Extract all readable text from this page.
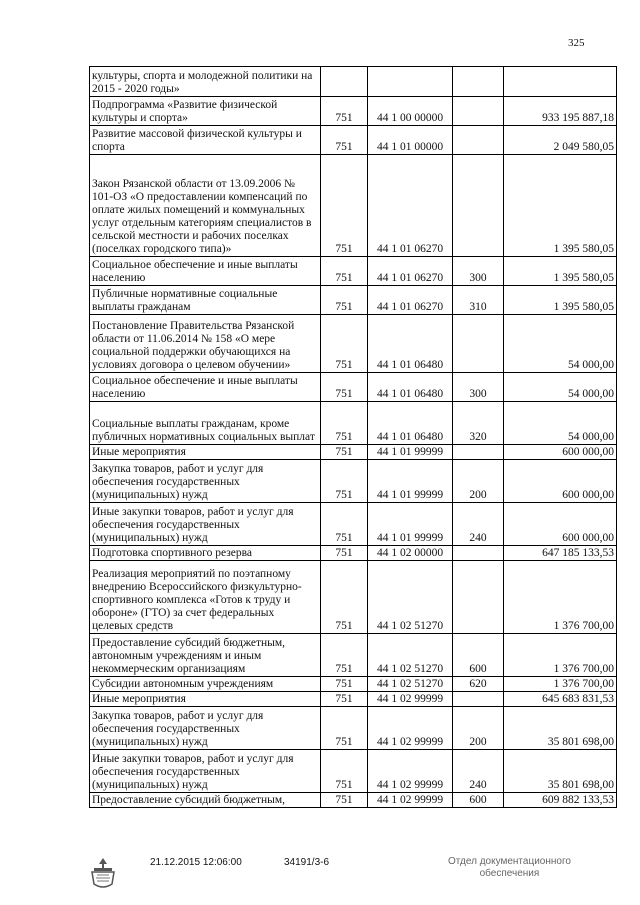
325
культуры, спорта и молодежной политики на 2015 - 2020 годы»				
Подпрограмма «Развитие физической культуры и спорта»	751	44 1 00 00000		933 195 887,18
Развитие массовой физической культуры и спорта	751	44 1 01 00000		2 049 580,05
Закон Рязанской области от 13.09.2006 № 101-ОЗ «О предоставлении компенсаций по оплате жилых помещений и коммунальных услуг отдельным категориям специалистов в сельской местности и рабочих поселках (поселках городского типа)»	751	44 1 01 06270		1 395 580,05
Социальное обеспечение и иные выплаты населению	751	44 1 01 06270	300	1 395 580,05
Публичные нормативные социальные выплаты гражданам	751	44 1 01 06270	310	1 395 580,05
Постановление Правительства Рязанской области от 11.06.2014 № 158 «О мере социальной поддержки обучающихся на условиях договора о целевом обучении»	751	44 1 01 06480		54 000,00
Социальное обеспечение и иные выплаты населению	751	44 1 01 06480	300	54 000,00
Социальные выплаты гражданам, кроме публичных нормативных социальных выплат	751	44 1 01 06480	320	54 000,00
Иные мероприятия	751	44 1 01 99999		600 000,00
Закупка товаров, работ и услуг для обеспечения государственных (муниципальных) нужд	751	44 1 01 99999	200	600 000,00
Иные закупки товаров, работ и услуг для обеспечения государственных (муниципальных) нужд	751	44 1 01 99999	240	600 000,00
Подготовка спортивного резерва	751	44 1 02 00000		647 185 133,53
Реализация мероприятий по поэтапному внедрению Всероссийского физкультурно-спортивного комплекса «Готов к труду и обороне» (ГТО) за счет федеральных целевых средств	751	44 1 02 51270		1 376 700,00
Предоставление субсидий бюджетным, автономным учреждениям и иным некоммерческим организациям	751	44 1 02 51270	600	1 376 700,00
Субсидии автономным учреждениям	751	44 1 02 51270	620	1 376 700,00
Иные мероприятия	751	44 1 02 99999		645 683 831,53
Закупка товаров, работ и услуг для обеспечения государственных (муниципальных) нужд	751	44 1 02 99999	200	35 801 698,00
Иные закупки товаров, работ и услуг для обеспечения государственных (муниципальных) нужд	751	44 1 02 99999	240	35 801 698,00
Предоставление субсидий бюджетным,	751	44 1 02 99999	600	609 882 133,53
21.12.2015 12:06:00	34191/3-6	Отдел документационного
обеспечения
